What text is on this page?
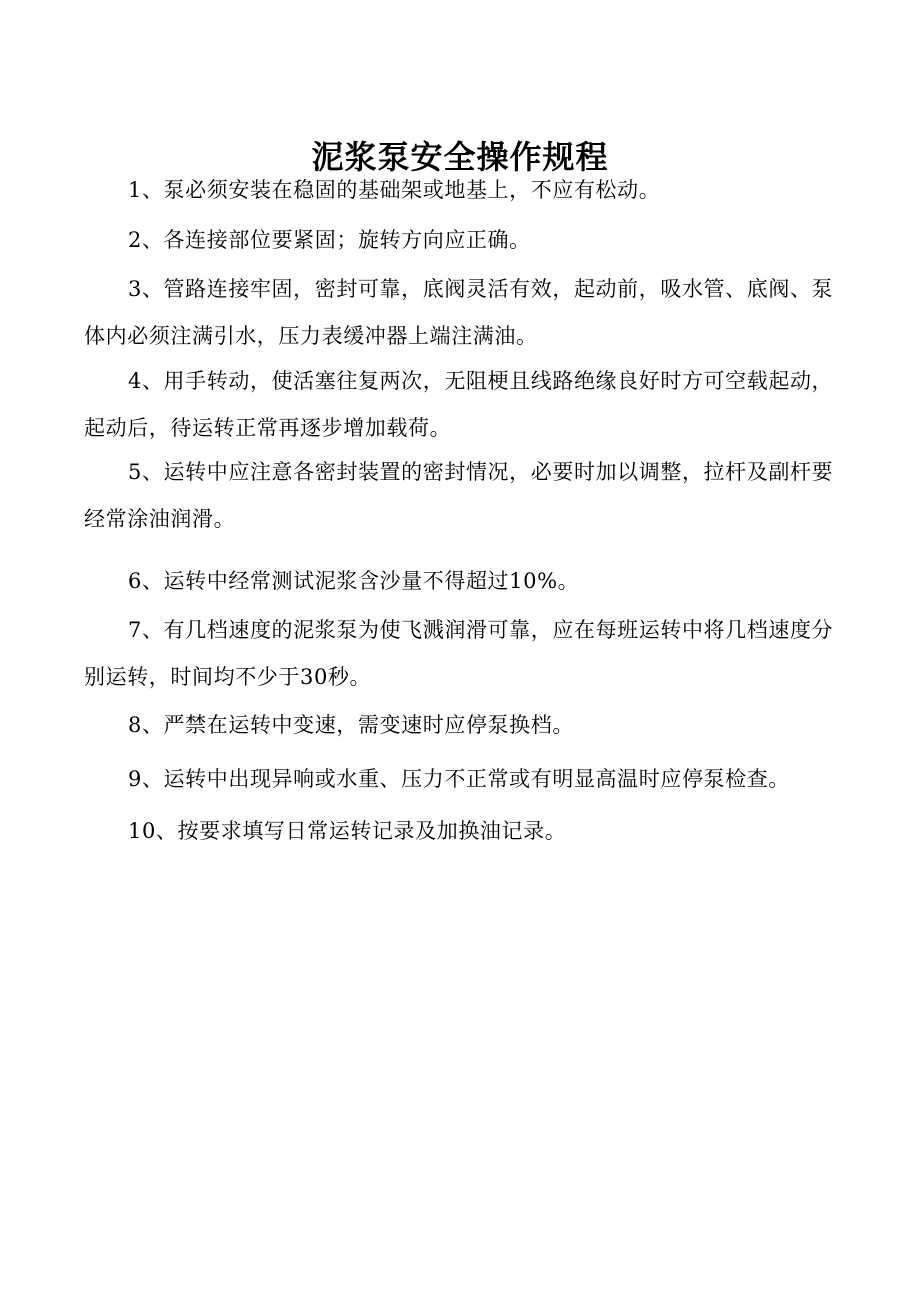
泥浆泵安全操作规程

1、泵必须安装在稳固的基础架或地基上，不应有松动。

2、各连接部位要紧固；旋转方向应正确。

3、管路连接牢固，密封可靠，底阀灵活有效，起动前，吸水管、底阀、泵体内必须注满引水，压力表缓冲器上端注满油。

4、用手转动，使活塞往复两次，无阻梗且线路绝缘良好时方可空载起动，起动后，待运转正常再逐步增加载荷。

5、运转中应注意各密封装置的密封情况，必要时加以调整，拉杆及副杆要经常涂油润滑。

6、运转中经常测试泥浆含沙量不得超过10%。

7、有几档速度的泥浆泵为使飞溅润滑可靠，应在每班运转中将几档速度分别运转，时间均不少于30秒。

8、严禁在运转中变速，需变速时应停泵换档。

9、运转中出现异响或水重、压力不正常或有明显高温时应停泵检查。

10、按要求填写日常运转记录及加换油记录。
